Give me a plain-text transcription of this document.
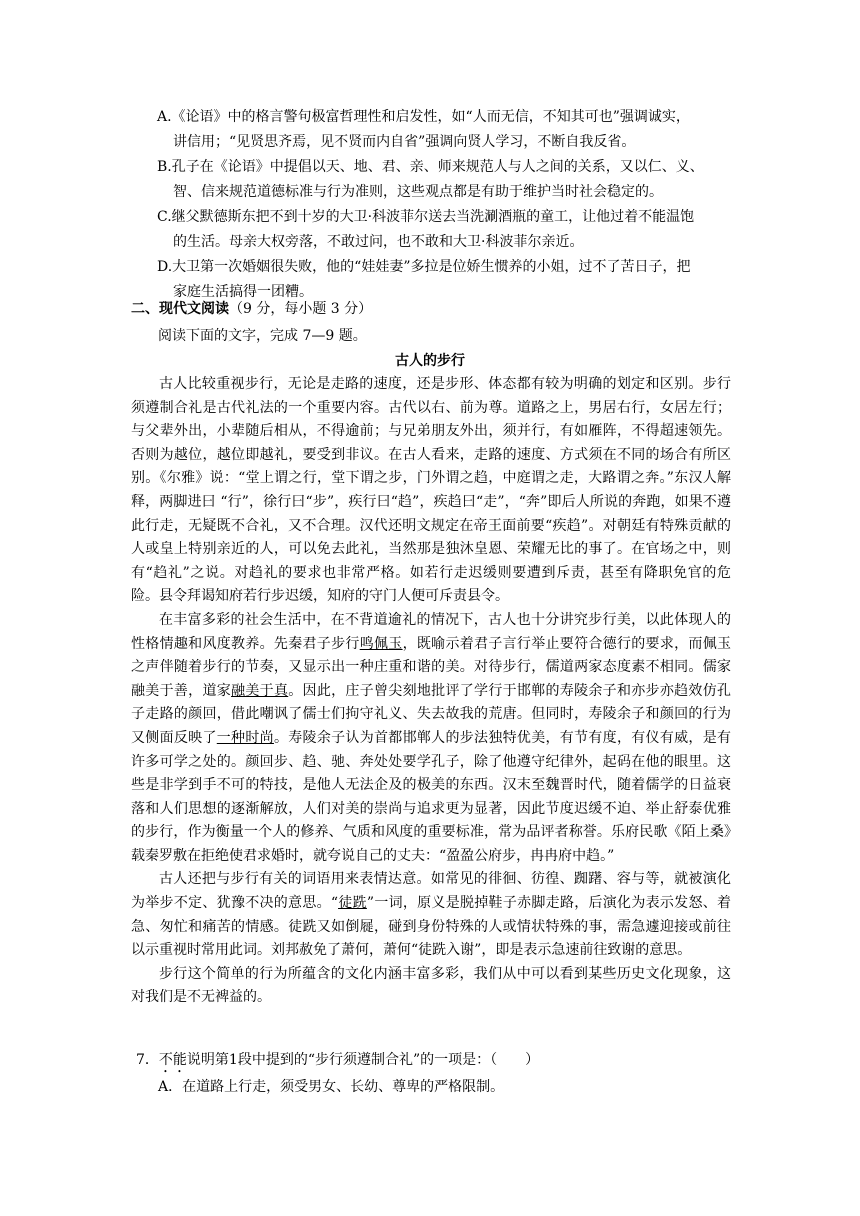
A.《论语》中的格言警句极富哲理性和启发性，如“人而无信，不知其可也”强调诚实，
讲信用；“见贤思齐焉，见不贤而内自省”强调向贤人学习，不断自我反省。
B.孔子在《论语》中提倡以天、地、君、亲、师来规范人与人之间的关系，又以仁、义、
智、信来规范道德标准与行为准则，这些观点都是有助于维护当时社会稳定的。
C.继父默德斯东把不到十岁的大卫·科波菲尔送去当洗涮酒瓶的童工，让他过着不能温饱
的生活。母亲大权旁落，不敢过问，也不敢和大卫·科波菲尔亲近。
D.大卫第一次婚姻很失败，他的“娃娃妻”多拉是位娇生惯养的小姐，过不了苦日子，把
家庭生活搞得一团糟。
二、现代文阅读（9 分，每小题 3 分）
阅读下面的文字，完成 7—9 题。
古人的步行

古人比较重视步行，无论是走路的速度，还是步形、体态都有较为明确的划定和区别。步行须遵制合礼是古代礼法的一个重要内容。古代以右、前为尊。道路之上，男居右行，女居左行；与父辈外出，小辈随后相从，不得逾前；与兄弟朋友外出，须并行，有如雁阵，不得超速领先。否则为越位，越位即越礼，要受到非议。在古人看来，走路的速度、方式须在不同的场合有所区别。《尔雅》说：“堂上谓之行，堂下谓之步，门外谓之趋，中庭谓之走，大路谓之奔。”东汉人解释，两脚进曰 “行”，徐行曰“步”，疾行曰“趋”，疾趋曰“走”，“奔”即后人所说的奔跑，如果不遵此行走，无疑既不合礼，又不合理。汉代还明文规定在帝王面前要“疾趋”。对朝廷有特殊贡献的人或皇上特别亲近的人，可以免去此礼，当然那是独沐皇恩、荣耀无比的事了。在官场之中，则有“趋礼”之说。对趋礼的要求也非常严格。如若行走迟缓则要遭到斥责，甚至有降职免官的危险。县令拜谒知府若行步迟缓，知府的守门人便可斥责县令。

在丰富多彩的社会生活中，在不背道逾礼的情况下，古人也十分讲究步行美，以此体现人的性格情趣和风度教养。先秦君子步行鸣佩玉，既喻示着君子言行举止要符合德行的要求，而佩玉之声伴随着步行的节奏，又显示出一种庄重和谐的美。对待步行，儒道两家态度素不相同。儒家融美于善，道家融美于真。因此，庄子曾尖刻地批评了学行于邯郸的寿陵余子和亦步亦趋效仿孔子走路的颜回，借此嘲讽了儒士们拘守礼义、失去故我的荒唐。但同时，寿陵余子和颜回的行为又侧面反映了一种时尚。寿陵余子认为首都邯郸人的步法独特优美，有节有度，有仪有威，是有许多可学之处的。颜回步、趋、驰、奔处处要学孔子，除了他遵守纪律外，起码在他的眼里。这些是非学到手不可的特技，是他人无法企及的极美的东西。汉末至魏晋时代，随着儒学的日益衰落和人们思想的逐渐解放，人们对美的崇尚与追求更为显著，因此节度迟缓不迫、举止舒泰优雅的步行，作为衡量一个人的修养、气质和风度的重要标准，常为品评者称誉。乐府民歌《陌上桑》载秦罗敷在拒绝使君求婚时，就夸说自己的丈夫：“盈盈公府步，冉冉府中趋。”

古人还把与步行有关的词语用来表情达意。如常见的徘徊、彷徨、踟躇、容与等，就被演化为举步不定、犹豫不决的意思。“徒跣”一词，原义是脱掉鞋子赤脚走路，后演化为表示发怒、着急、匆忙和痛苦的情感。徒跣又如倒屣，碰到身份特殊的人或情状特殊的事，需急遽迎接或前往以示重视时常用此词。刘邦赦免了萧何，萧何“徒跣入谢”，即是表示急速前往致谢的意思。

步行这个简单的行为所蕴含的文化内涵丰富多彩，我们从中可以看到某些历史文化现象，这对我们是不无裨益的。

7．不能说明第1段中提到的“步行须遵制合礼”的一项是：（　　）
A．在道路上行走，须受男女、长幼、尊卑的严格限制。
